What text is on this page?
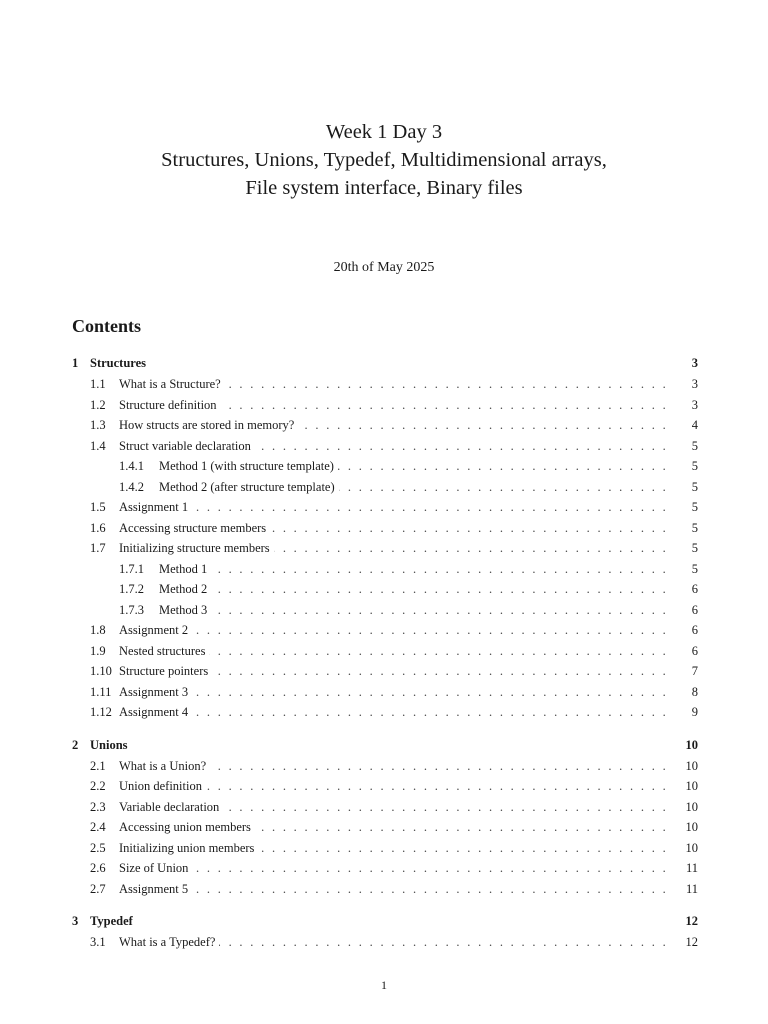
Week 1 Day 3
Structures, Unions, Typedef, Multidimensional arrays,
File system interface, Binary files
20th of May 2025
Contents
1 Structures	3
1.1	What is a Structure? . . .	3
1.2	Structure definition . . .	3
1.3	How structs are stored in memory? . . .	4
1.4	Struct variable declaration . . .	5
1.4.1	Method 1 (with structure template) . . .	5
1.4.2	Method 2 (after structure template) . . .	5
1.5	Assignment 1 . . .	5
1.6	Accessing structure members . . .	5
1.7	Initializing structure members . . .	5
1.7.1	Method 1 . . .	5
1.7.2	Method 2 . . .	6
1.7.3	Method 3 . . .	6
1.8	Assignment 2 . . .	6
1.9	Nested structures . . .	6
1.10 Structure pointers . . .	7
1.11 Assignment 3 . . .	8
1.12 Assignment 4 . . .	9
2 Unions	10
2.1	What is a Union? . . .	10
2.2	Union definition . . .	10
2.3	Variable declaration . . .	10
2.4	Accessing union members . . .	10
2.5	Initializing union members . . .	10
2.6	Size of Union . . .	11
2.7	Assignment 5 . . .	11
3 Typedef	12
3.1	What is a Typedef? . . .	12
1
